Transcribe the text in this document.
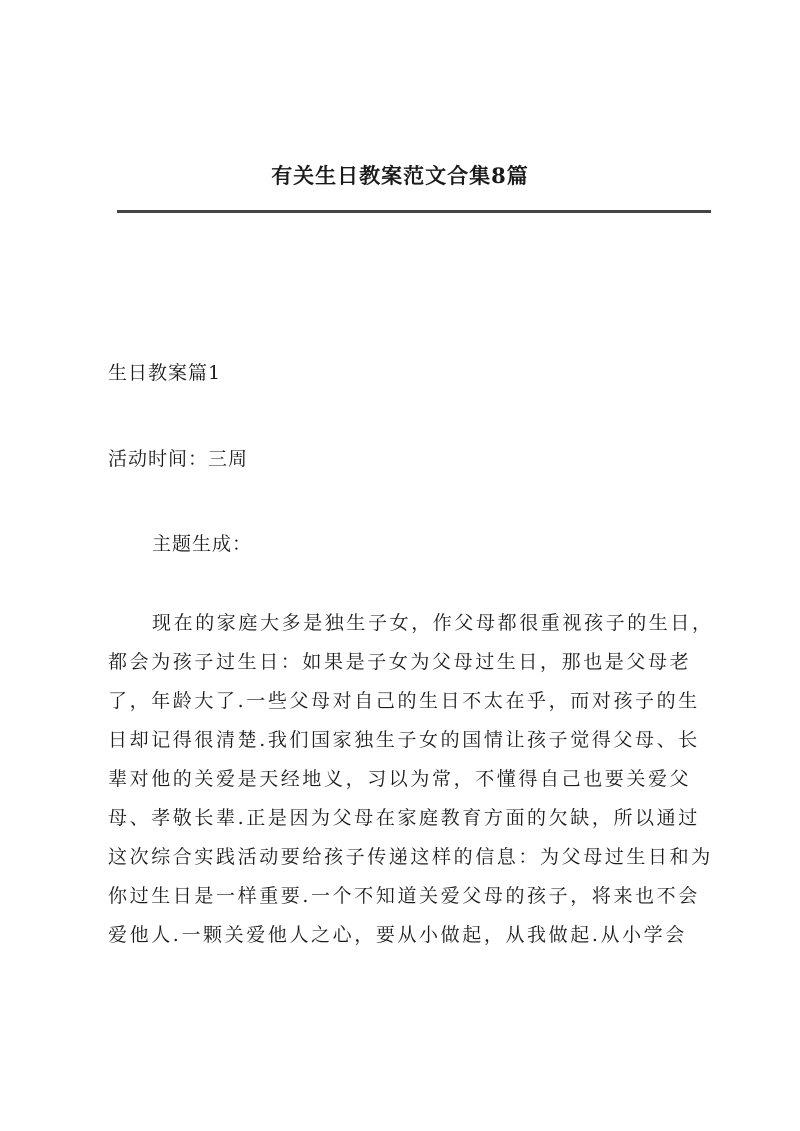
有关生日教案范文合集8篇
生日教案篇1
活动时间：三周
主题生成：

现在的家庭大多是独生子女，作父母都很重视孩子的生日，
都会为孩子过生日：如果是子女为父母过生日，那也是父母老
了，年龄大了.一些父母对自己的生日不太在乎，而对孩子的生
日却记得很清楚.我们国家独生子女的国情让孩子觉得父母、长
辈对他的关爱是天经地义，习以为常，不懂得自己也要关爱父
母、孝敬长辈.正是因为父母在家庭教育方面的欠缺，所以通过
这次综合实践活动要给孩子传递这样的信息：为父母过生日和为
你过生日是一样重要.一个不知道关爱父母的孩子，将来也不会
爱他人.一颗关爱他人之心，要从小做起，从我做起.从小学会
